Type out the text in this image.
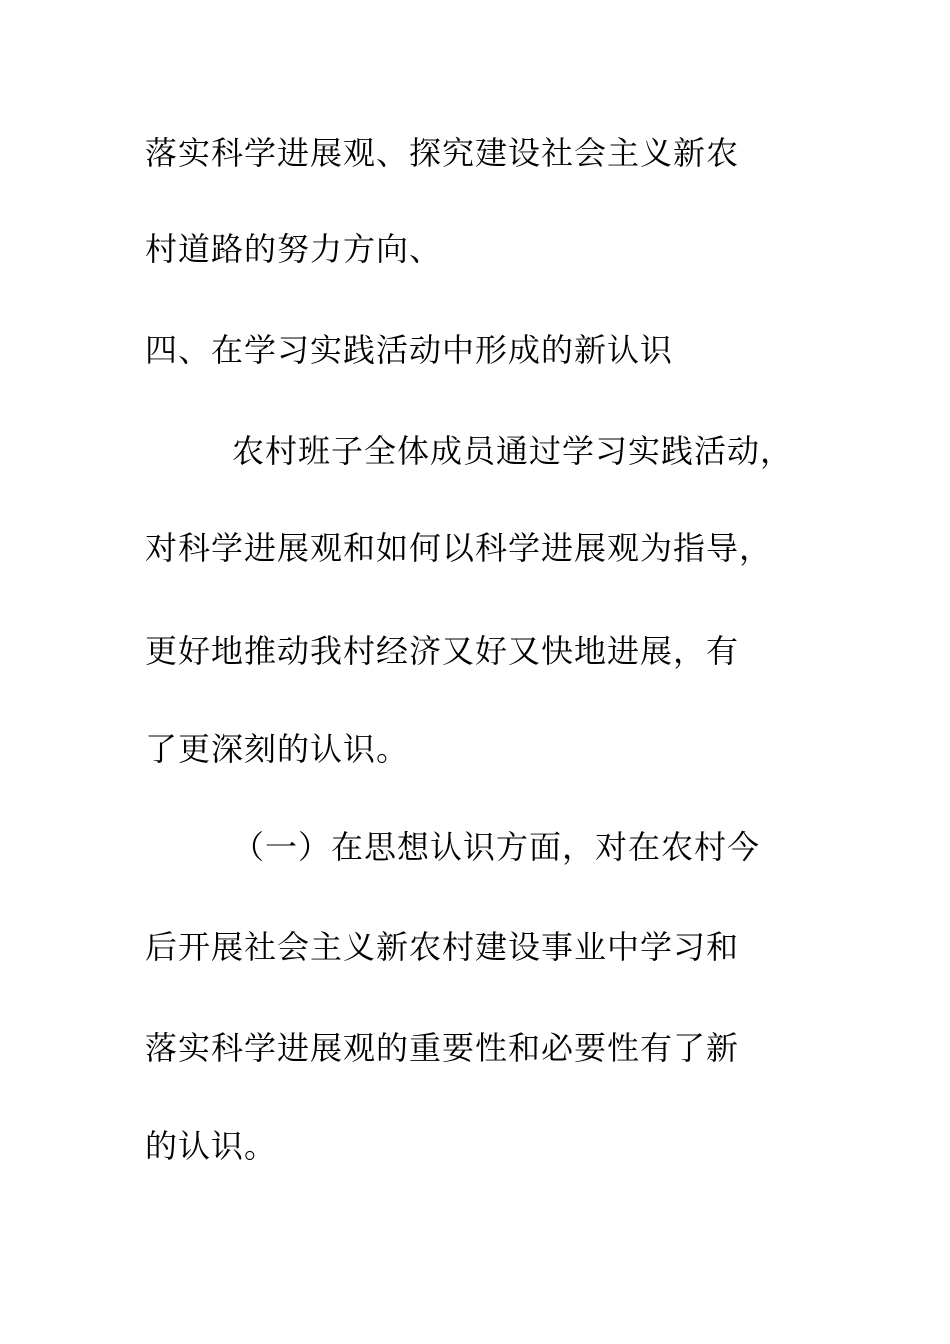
落实科学进展观、探究建设社会主义新农
村道路的努力方向、
四、在学习实践活动中形成的新认识
农村班子全体成员通过学习实践活动，
对科学进展观和如何以科学进展观为指导，
更好地推动我村经济又好又快地进展，有
了更深刻的认识。
（一）在思想认识方面，对在农村今
后开展社会主义新农村建设事业中学习和
落实科学进展观的重要性和必要性有了新
的认识。
